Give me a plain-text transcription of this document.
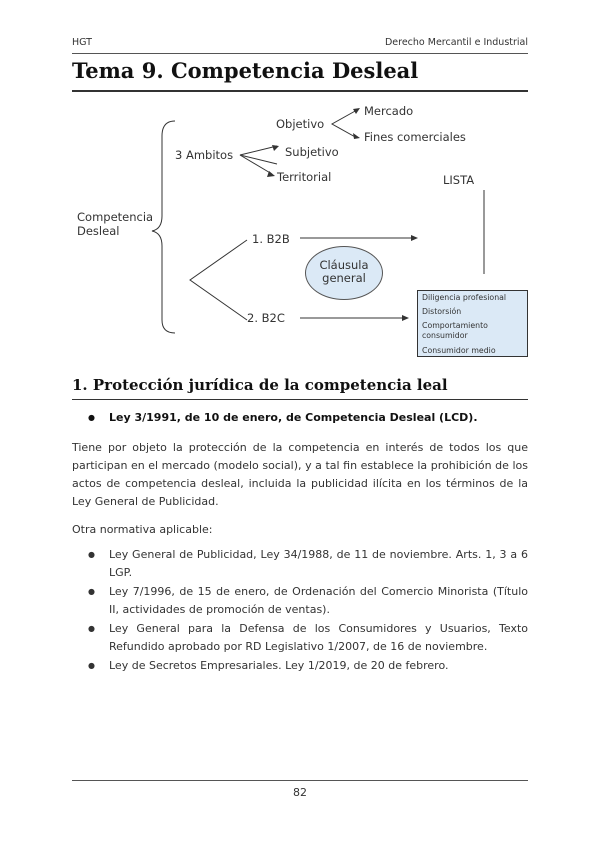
HGT	Derecho Mercantil e Industrial
Tema 9. Competencia Desleal
Competencia
Desleal
3 Ambitos
Objetivo
Mercado
Fines comerciales
Subjetivo
Territorial	LISTA
1. B2B
2. B2C
Cláusula
general
Diligencia profesional
Distorsión
Comportamiento
consumidor
Consumidor medio
1. Protección jurídica de la competencia leal
● Ley 3/1991, de 10 de enero, de Competencia Desleal (LCD).
Tiene por objeto la protección de la competencia en interés de todos los que participan en el mercado (modelo social), y a tal fin establece la prohibición de los actos de competencia desleal, incluida la publicidad ilícita en los términos de la Ley General de Publicidad.
Otra normativa aplicable:
● Ley General de Publicidad, Ley 34/1988, de 11 de noviembre. Arts. 1, 3 a 6 LGP.
● Ley 7/1996, de 15 de enero, de Ordenación del Comercio Minorista (Título II, actividades de promoción de ventas).
● Ley General para la Defensa de los Consumidores y Usuarios, Texto Refundido aprobado por RD Legislativo 1/2007, de 16 de noviembre.
● Ley de Secretos Empresariales. Ley 1/2019, de 20 de febrero.
82
